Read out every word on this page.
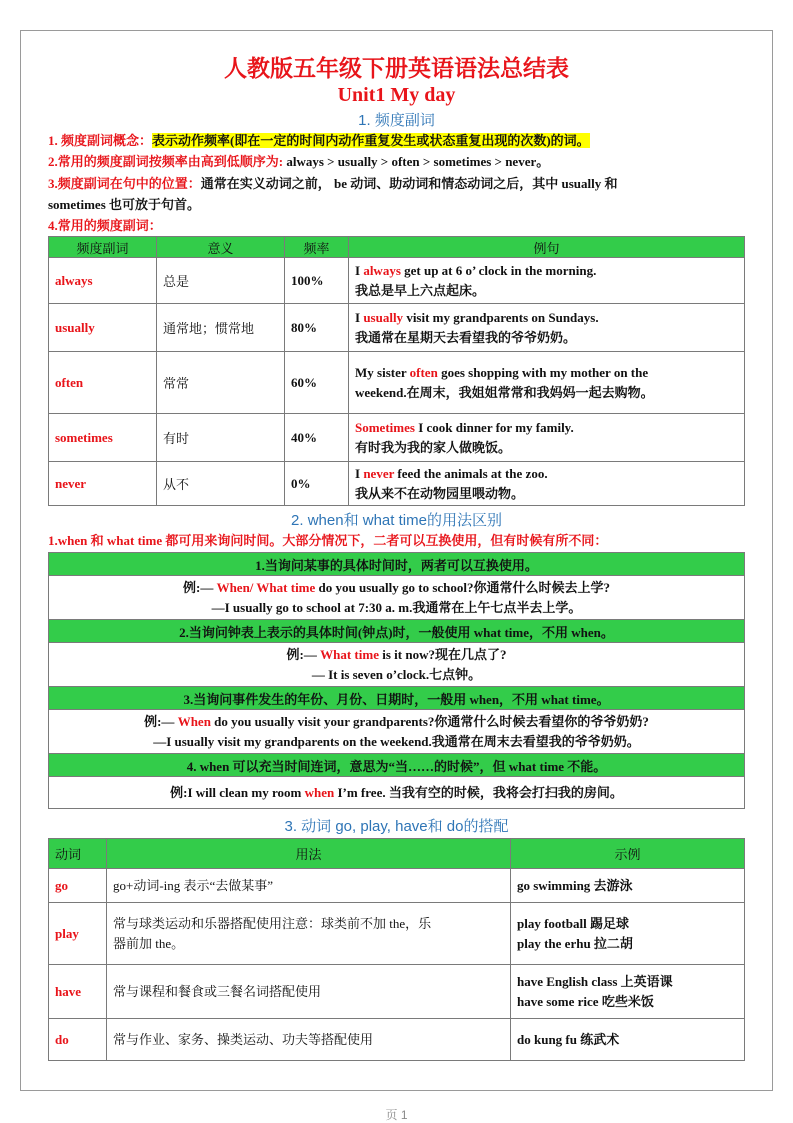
人教版五年级下册英语语法总结表
Unit1 My day
1. 频度副词
1. 频度副词概念：表示动作频率(即在一定的时间内动作重复发生或状态重复出现的次数)的词。
2.常用的频度副词按频率由高到低顺序为: always > usually > often > sometimes > never。
3.频度副词在句中的位置：通常在实义动词之前， be 动词、助动词和情态动词之后，其中 usually 和
sometimes 也可放于句首。
4.常用的频度副词：
频度副词	意义	频率	例句
always	总是	100%	I always get up at 6 o’ clock in the morning.
我总是早上六点起床。
usually	通常地；惯常地	80%	I usually visit my grandparents on Sundays.
我通常在星期天去看望我的爷爷奶奶。
often	常常	60%	My sister often goes shopping with my mother on the
weekend.在周末，我姐姐常常和我妈妈一起去购物。
sometimes	有时	40%	Sometimes I cook dinner for my family.
有时我为我的家人做晚饭。
never	从不	0%	I never feed the animals at the zoo.
我从来不在动物园里喂动物。
2. when和 what time的用法区别
1.when 和 what time 都可用来询问时间。大部分情况下，二者可以互换使用，但有时候有所不同：
1.当询问某事的具体时间时，两者可以互换使用。
例:— When/ What time do you usually go to school?你通常什么时候去上学?
—I usually go to school at 7:30 a. m.我通常在上午七点半去上学。
2.当询问钟表上表示的具体时间(钟点)时，一般使用 what time，不用 when。
例:— What time is it now?现在几点了?
— It is seven o’clock.七点钟。
3.当询问事件发生的年份、月份、日期时，一般用 when，不用 what time。
例:— When do you usually visit your grandparents?你通常什么时候去看望你的爷爷奶奶?
—I usually visit my grandparents on the weekend.我通常在周末去看望我的爷爷奶奶。
4. when 可以充当时间连词，意思为“当……的时候”，但 what time 不能。
例:I will clean my room when I’m free. 当我有空的时候，我将会打扫我的房间。
3. 动词 go, play, have和 do的搭配
动词	用法	示例
go	go+动词-ing 表示“去做某事”	go swimming 去游泳
play	常与球类运动和乐器搭配使用注意：球类前不加 the，乐
器前加 the。	play football 踢足球
play the erhu 拉二胡
have	常与课程和餐食或三餐名词搭配使用	have English class 上英语课
have some rice 吃些米饭
do	常与作业、家务、操类运动、功夫等搭配使用	do kung fu 练武术
页 1
